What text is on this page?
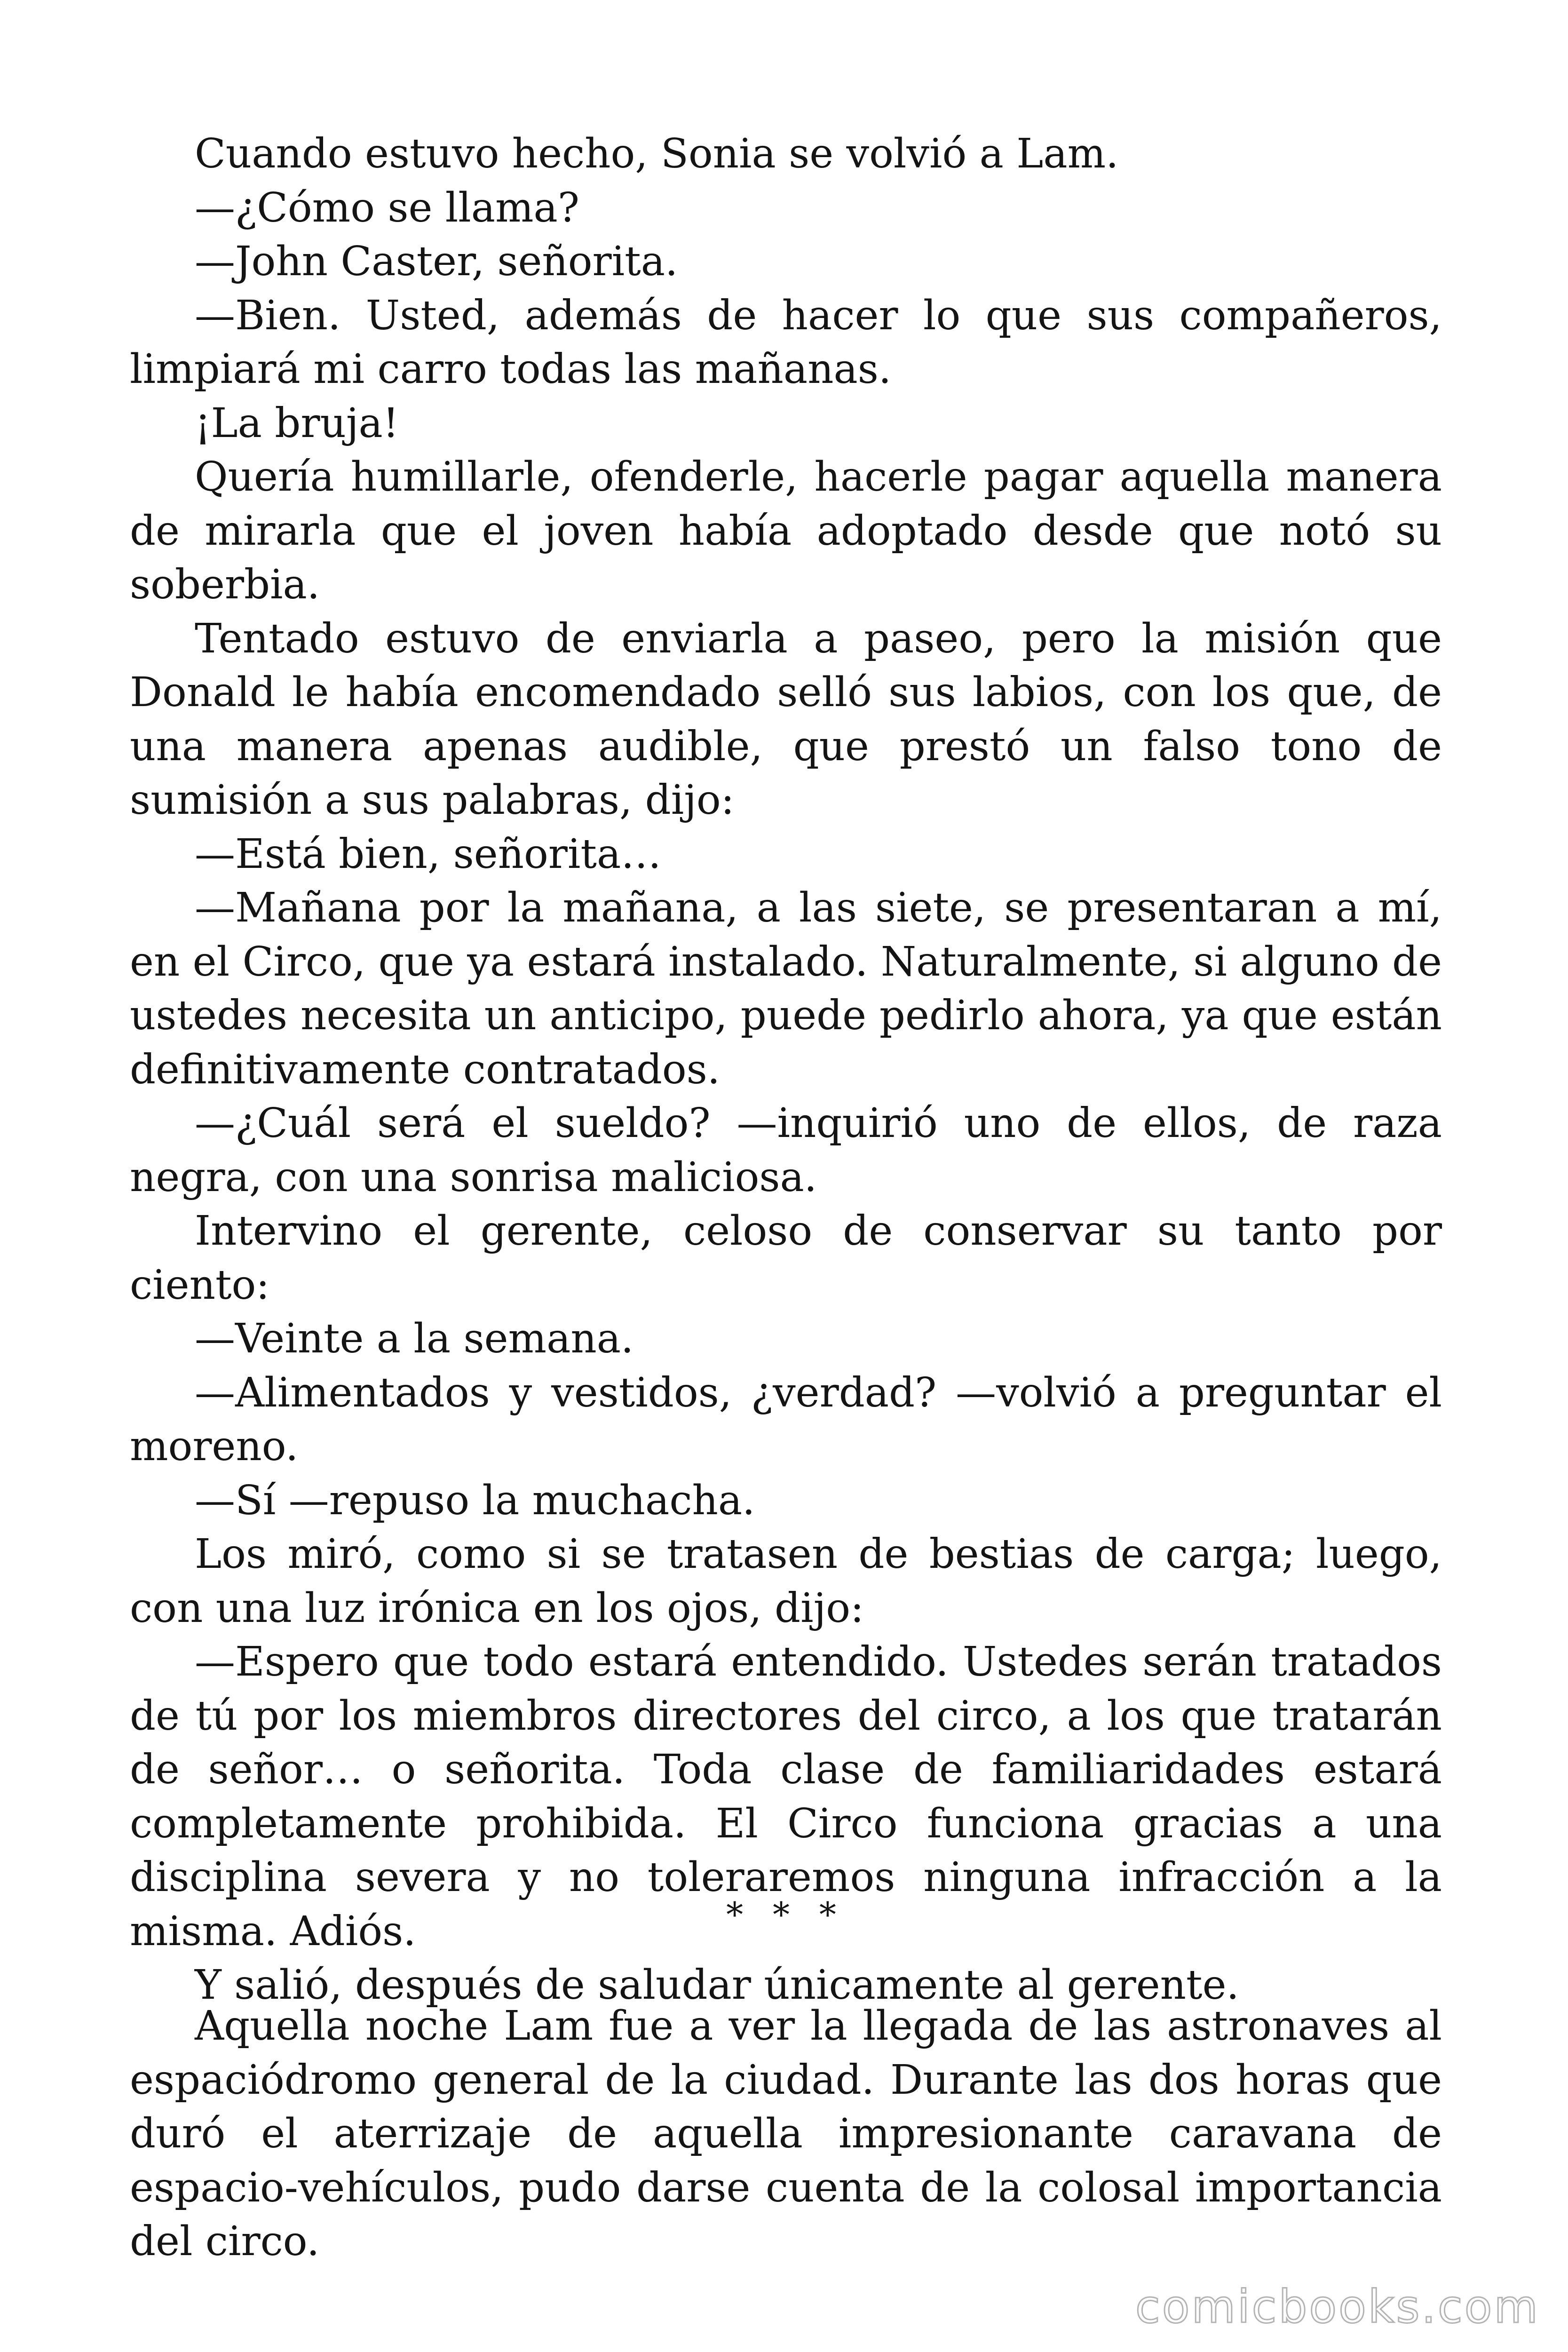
Cuando estuvo hecho, Sonia se volvió a Lam.

—¿Cómo se llama?

—John Caster, señorita.

—Bien. Usted, además de hacer lo que sus compañeros, limpiará mi carro todas las mañanas.

¡La bruja!

Quería humillarle, ofenderle, hacerle pagar aquella manera de mirarla que el joven había adoptado desde que notó su soberbia.

Tentado estuvo de enviarla a paseo, pero la misión que Donald le había encomendado selló sus labios, con los que, de una manera apenas audible, que prestó un falso tono de sumisión a sus palabras, dijo:

—Está bien, señorita…

—Mañana por la mañana, a las siete, se presentaran a mí, en el Circo, que ya estará instalado. Naturalmente, si alguno de ustedes necesita un anticipo, puede pedirlo ahora, ya que están definitivamente contratados.

—¿Cuál será el sueldo? —inquirió uno de ellos, de raza negra, con una sonrisa maliciosa.

Intervino el gerente, celoso de conservar su tanto por ciento:

—Veinte a la semana.

—Alimentados y vestidos, ¿verdad? —volvió a preguntar el moreno.

—Sí —repuso la muchacha.

Los miró, como si se tratasen de bestias de carga; luego, con una luz irónica en los ojos, dijo:

—Espero que todo estará entendido. Ustedes serán tratados de tú por los miembros directores del circo, a los que tratarán de señor… o señorita. Toda clase de familiaridades estará completamente prohibida. El Circo funciona gracias a una disciplina severa y no toleraremos ninguna infracción a la misma. Adiós.

Y salió, después de saludar únicamente al gerente.

* * *

Aquella noche Lam fue a ver la llegada de las astronaves al espaciódromo general de la ciudad. Durante las dos horas que duró el aterrizaje de aquella impresionante caravana de espacio-vehículos, pudo darse cuenta de la colosal importancia del circo.

comicbooks.com
